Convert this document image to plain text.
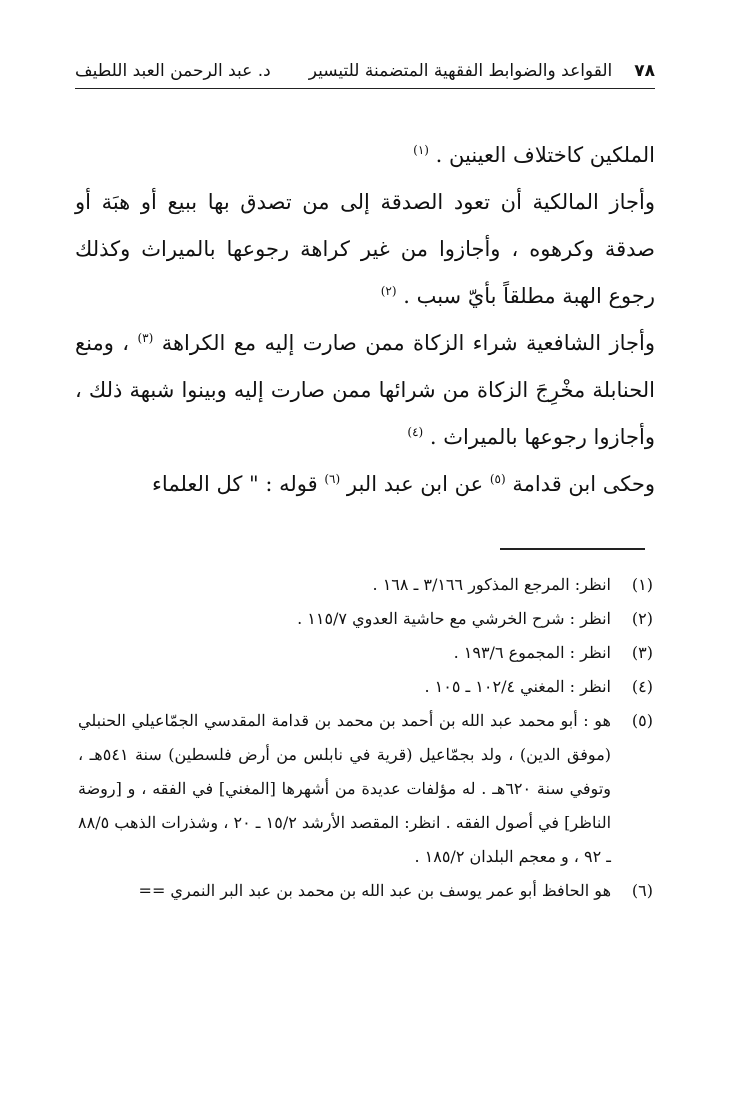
٧٨
القواعد والضوابط الفقهية المتضمنة للتيسير
د. عبد الرحمن العبد اللطيف

الملكين كاختلاف العينين . $^{(١)}$

وأجاز المالكية أن تعود الصدقة إلى من تصدق بها ببيع أو هبَة أو صدقة وكرهوه ، وأجازوا من غير كراهة رجوعها بالميراث وكذلك رجوع الهبة مطلقاً بأيّ سبب . $^{(٢)}$

وأجاز الشافعية شراء الزكاة ممن صارت إليه مع الكراهة $^{(٣)}$ ، ومنع الحنابلة مخْرِجَ الزكاة من شرائها ممن صارت إليه وبينوا شبهة ذلك ، وأجازوا رجوعها بالميراث . $^{(٤)}$

وحكى ابن قدامة $^{(٥)}$ عن ابن عبد البر $^{(٦)}$ قوله : " كل العلماء

(١)
انظر: المرجع المذكور ٣/١٦٦ ـ ١٦٨ .
(٢)
انظر : شرح الخرشي مع حاشية العدوي ١١٥/٧ .
(٣)
انظر : المجموع ١٩٣/٦ .
(٤)
انظر : المغني ١٠٢/٤ ـ ١٠٥ .
(٥)
هو : أبو محمد عبد الله بن أحمد بن محمد بن قدامة المقدسي الجمّاعيلي الحنبلي (موفق الدين) ، ولد بجمّاعيل (قرية في نابلس من أرض فلسطين) سنة ٥٤١هـ ، وتوفي سنة ٦٢٠هـ . له مؤلفات عديدة من أشهرها [المغني] في الفقه ، و [روضة الناظر] في أصول الفقه . انظر: المقصد الأرشد ١٥/٢ ـ ٢٠ ، وشذرات الذهب ٨٨/٥ ـ ٩٢ ، و معجم البلدان ١٨٥/٢ .
(٦)
هو الحافظ أبو عمر يوسف بن عبد الله بن محمد بن عبد البر النمري ==
